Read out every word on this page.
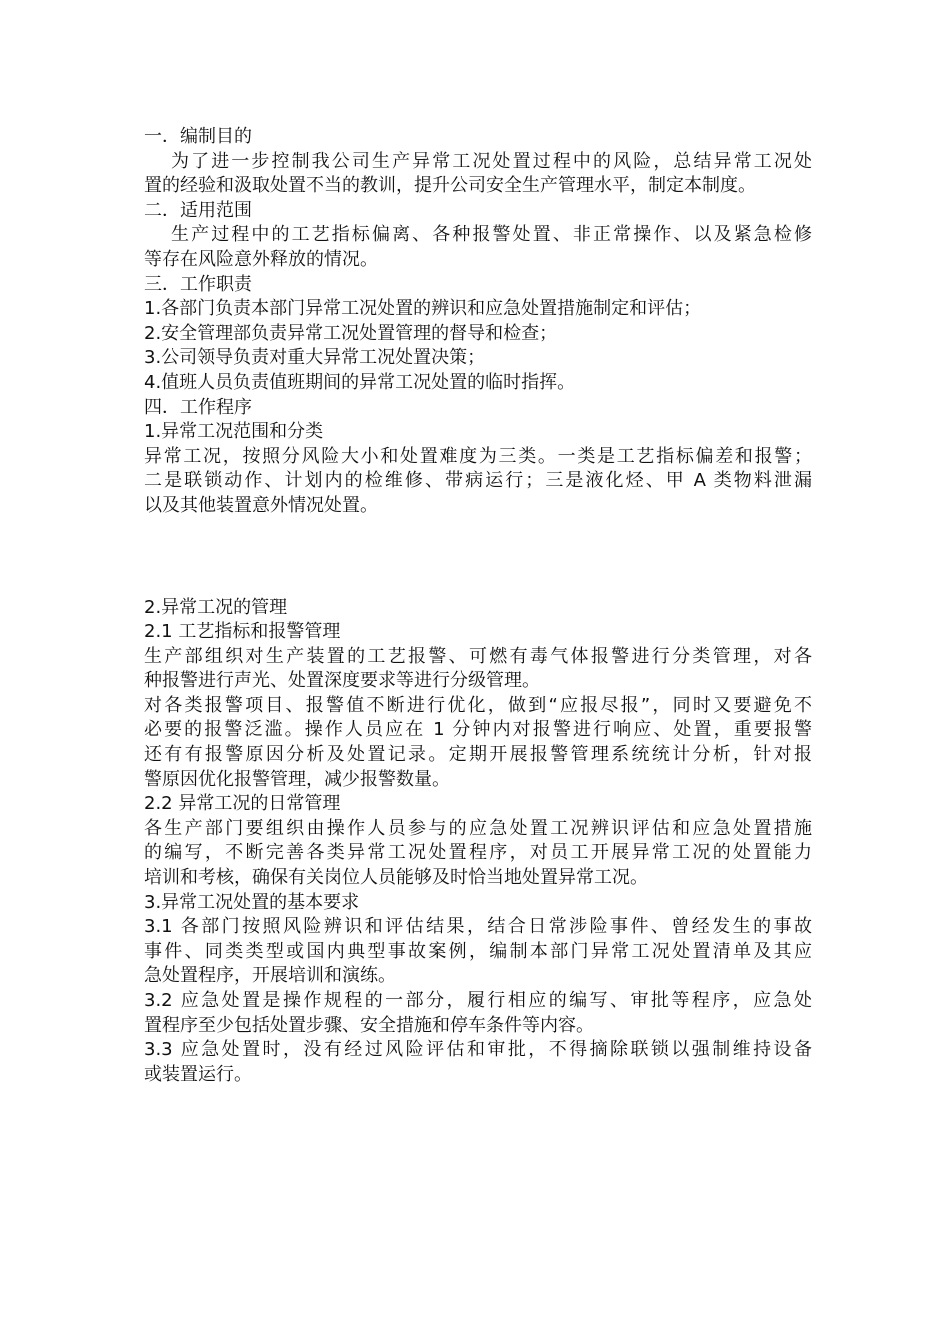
一．编制目的

为了进一步控制我公司生产异常工况处置过程中的风险，总结异常工况处

置的经验和汲取处置不当的教训，提升公司安全生产管理水平，制定本制度。

二．适用范围

生产过程中的工艺指标偏离、各种报警处置、非正常操作、以及紧急检修

等存在风险意外释放的情况。

三．工作职责

1.各部门负责本部门异常工况处置的辨识和应急处置措施制定和评估；

2.安全管理部负责异常工况处置管理的督导和检查；

3.公司领导负责对重大异常工况处置决策；

4.值班人员负责值班期间的异常工况处置的临时指挥。

四．工作程序

1.异常工况范围和分类

异常工况，按照分风险大小和处置难度为三类。一类是工艺指标偏差和报警；

二是联锁动作、计划内的检维修、带病运行；三是液化烃、甲 A 类物料泄漏

以及其他装置意外情况处置。

2.异常工况的管理

2.1 工艺指标和报警管理

生产部组织对生产装置的工艺报警、可燃有毒气体报警进行分类管理，对各

种报警进行声光、处置深度要求等进行分级管理。

对各类报警项目、报警值不断进行优化，做到“应报尽报”，同时又要避免不

必要的报警泛滥。操作人员应在 1 分钟内对报警进行响应、处置，重要报警

还有有报警原因分析及处置记录。定期开展报警管理系统统计分析，针对报

警原因优化报警管理，减少报警数量。

2.2 异常工况的日常管理

各生产部门要组织由操作人员参与的应急处置工况辨识评估和应急处置措施

的编写，不断完善各类异常工况处置程序，对员工开展异常工况的处置能力

培训和考核，确保有关岗位人员能够及时恰当地处置异常工况。

3.异常工况处置的基本要求

3.1 各部门按照风险辨识和评估结果，结合日常涉险事件、曾经发生的事故

事件、同类类型或国内典型事故案例，编制本部门异常工况处置清单及其应

急处置程序，开展培训和演练。

3.2 应急处置是操作规程的一部分，履行相应的编写、审批等程序，应急处

置程序至少包括处置步骤、安全措施和停车条件等内容。

3.3 应急处置时，没有经过风险评估和审批，不得摘除联锁以强制维持设备

或装置运行。
